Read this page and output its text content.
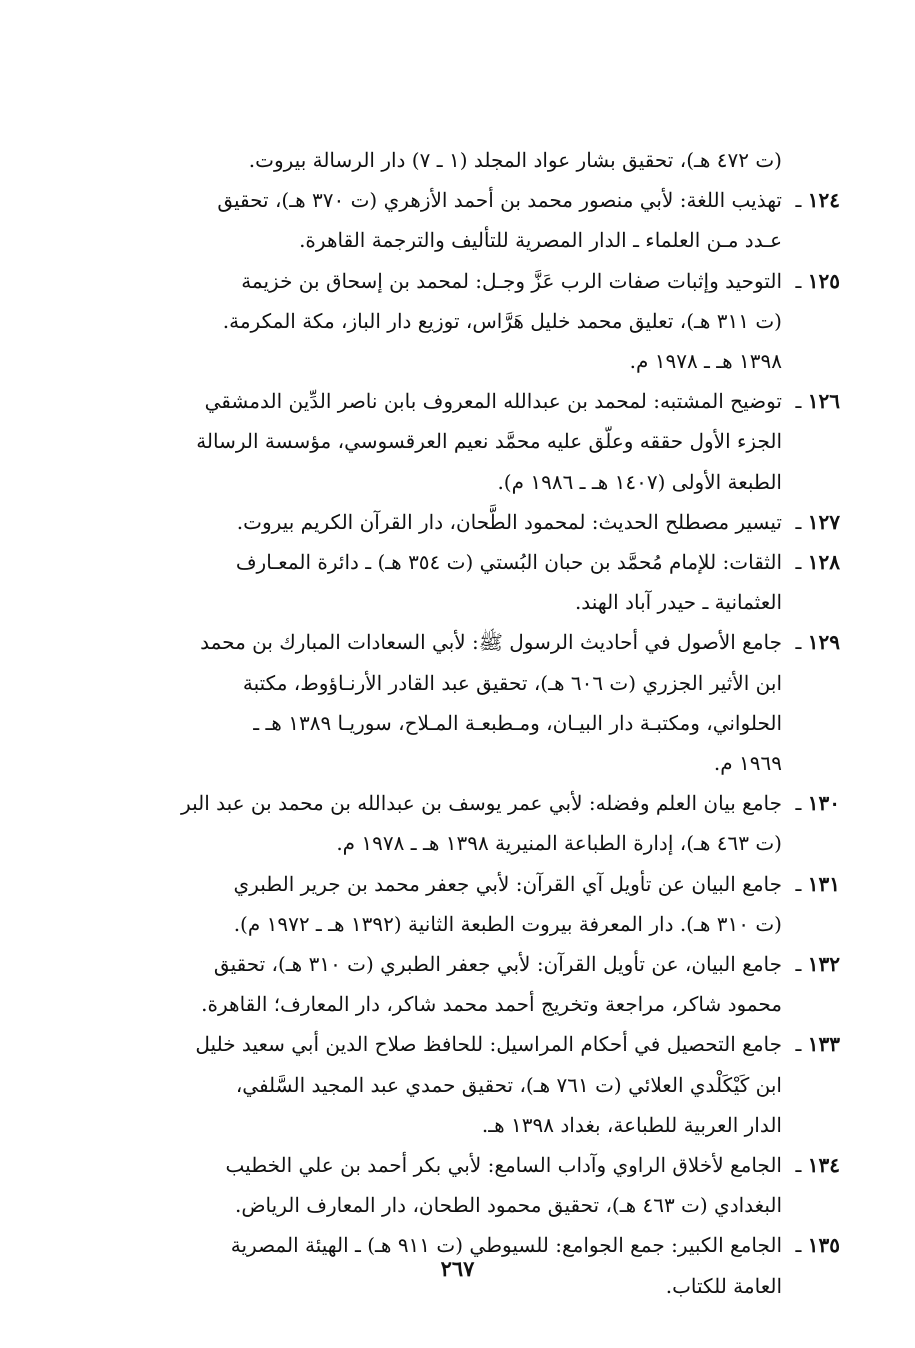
(ت ٤٧٢ هـ)، تحقيق بشار عواد المجلد (١ ـ ٧) دار الرسالة بيروت.
١٢٤ ـ
تهذيب اللغة: لأبي منصور محمد بن أحمد الأزهري (ت ٣٧٠ هـ)، تحقيق
عـدد مـن العلماء ـ الدار المصرية للتأليف والترجمة القاهرة.
١٢٥ ـ
التوحيد وإثبات صفات الرب عَزَّ وجـل: لمحمد بن إسحاق بن خزيمة
(ت ٣١١ هـ)، تعليق محمد خليل هَرَّاس، توزيع دار الباز، مكة المكرمة.
١٣٩٨ هـ ـ ١٩٧٨ م.
١٢٦ ـ
توضيح المشتبه: لمحمد بن عبدالله المعروف بابن ناصر الدِّين الدمشقي
الجزء الأول حققه وعلّق عليه محمَّد نعيم العرقسوسي، مؤسسة الرسالة
الطبعة الأولى (١٤٠٧ هـ ـ ١٩٨٦ م).
١٢٧ ـ
تيسير مصطلح الحديث: لمحمود الطَّحان، دار القرآن الكريم بيروت.
١٢٨ ـ
الثقات: للإمام مُحمَّد بن حبان البُستي (ت ٣٥٤ هـ) ـ دائرة المعـارف
العثمانية ـ حيدر آباد الهند.
١٢٩ ـ
جامع الأصول في أحاديث الرسول ﷺ: لأبي السعادات المبارك بن محمد
ابن الأثير الجزري (ت ٦٠٦ هـ)، تحقيق عبد القادر الأرنـاؤوط، مكتبة
الحلواني، ومكتبـة دار البيـان، ومـطبعـة المـلاح، سوريـا ١٣٨٩ هـ ـ
١٩٦٩ م.
١٣٠ ـ
جامع بيان العلم وفضله: لأبي عمر يوسف بن عبدالله بن محمد بن عبد البر
(ت ٤٦٣ هـ)، إدارة الطباعة المنيرية ١٣٩٨ هـ ـ ١٩٧٨ م.
١٣١ ـ
جامع البيان عن تأويل آي القرآن: لأبي جعفر محمد بن جرير الطبري
(ت ٣١٠ هـ). دار المعرفة بيروت الطبعة الثانية (١٣٩٢ هـ ـ ١٩٧٢ م).
١٣٢ ـ
جامع البيان، عن تأويل القرآن: لأبي جعفر الطبري (ت ٣١٠ هـ)، تحقيق
محمود شاكر، مراجعة وتخريج أحمد محمد شاكر، دار المعارف؛ القاهرة.
١٣٣ ـ
جامع التحصيل في أحكام المراسيل: للحافظ صلاح الدين أبي سعيد خليل
ابن كَيْكَلْدي العلائي (ت ٧٦١ هـ)، تحقيق حمدي عبد المجيد السَّلفي،
الدار العربية للطباعة، بغداد ١٣٩٨ هـ.
١٣٤ ـ
الجامع لأخلاق الراوي وآداب السامع: لأبي بكر أحمد بن علي الخطيب
البغدادي (ت ٤٦٣ هـ)، تحقيق محمود الطحان، دار المعارف الرياض.
١٣٥ ـ
الجامع الكبير: جمع الجوامع: للسيوطي (ت ٩١١ هـ) ـ الهيئة المصرية
العامة للكتاب.
٢٦٧
